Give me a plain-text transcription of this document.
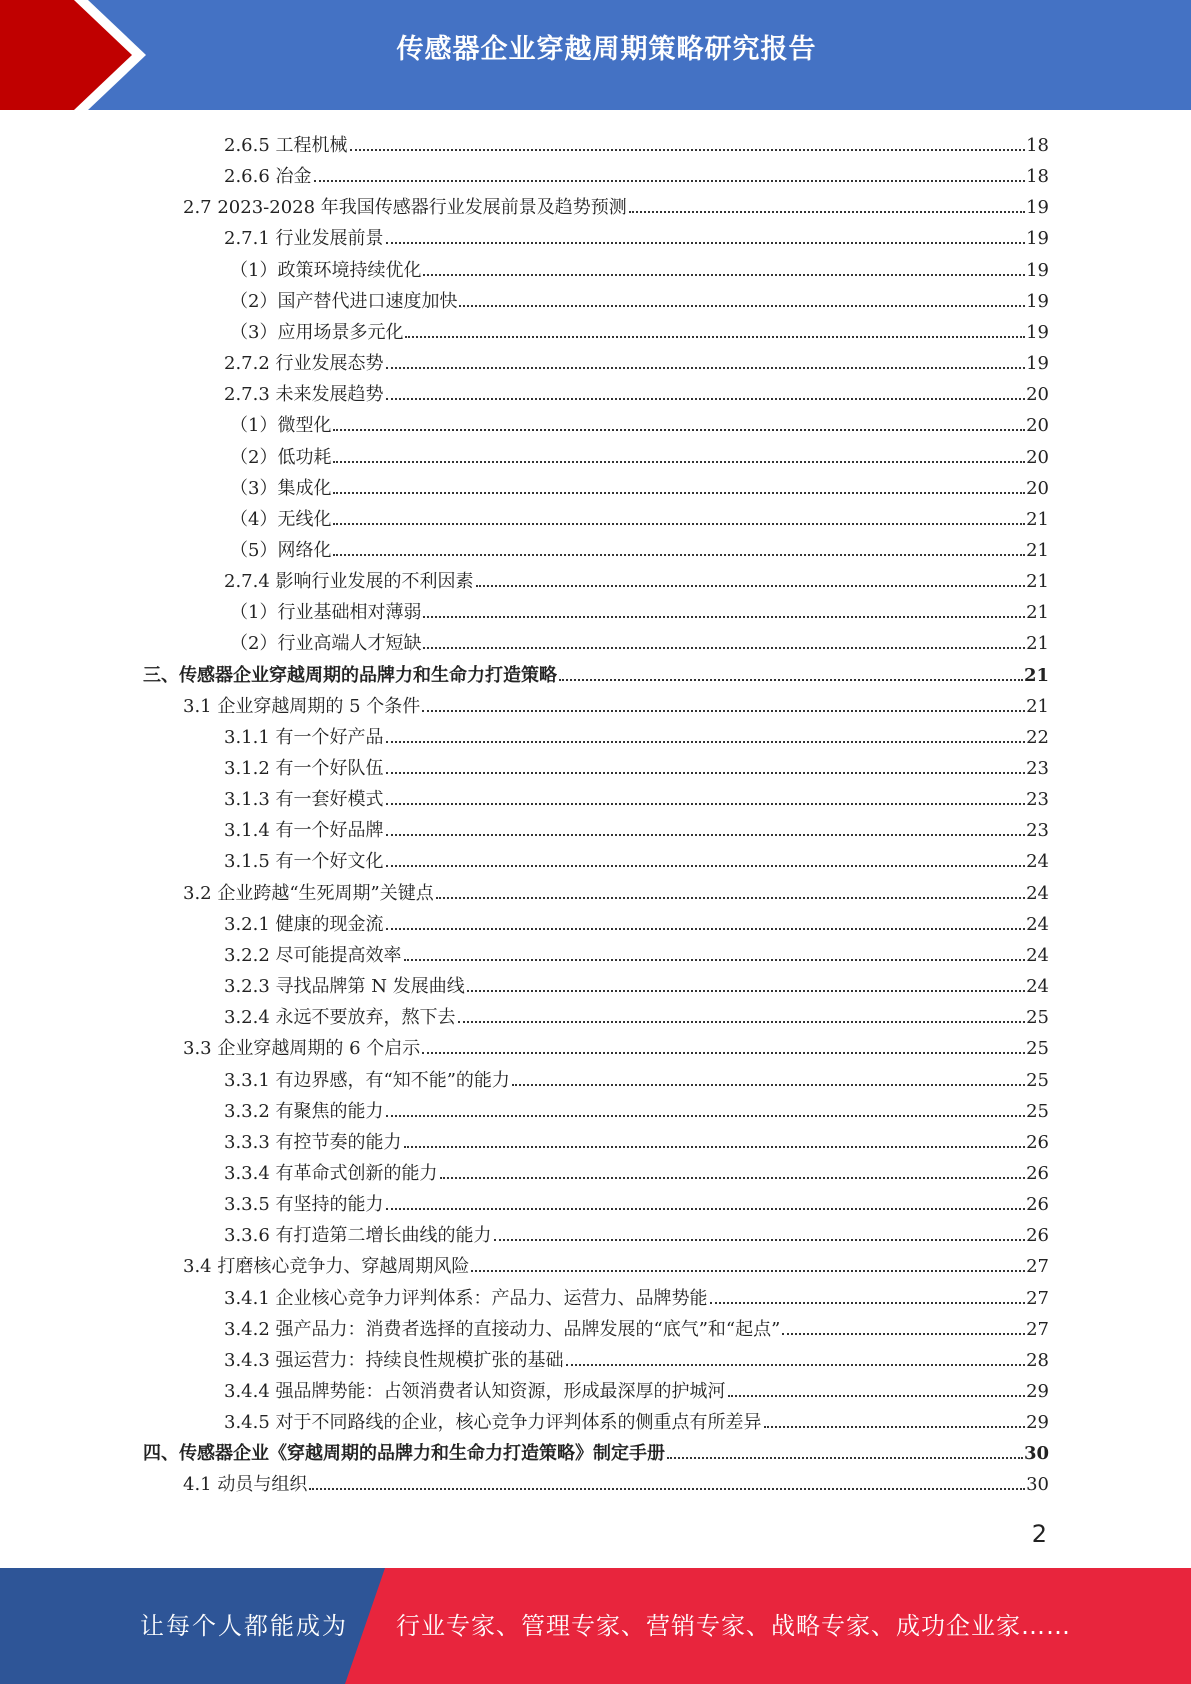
传感器企业穿越周期策略研究报告
2.6.5 工程机械	18
2.6.6 冶金	18
2.7 2023-2028 年我国传感器行业发展前景及趋势预测	19
2.7.1 行业发展前景	19
（1）政策环境持续优化	19
（2）国产替代进口速度加快	19
（3）应用场景多元化	19
2.7.2 行业发展态势	19
2.7.3 未来发展趋势	20
（1）微型化	20
（2）低功耗	20
（3）集成化	20
（4）无线化	21
（5）网络化	21
2.7.4 影响行业发展的不利因素	21
（1）行业基础相对薄弱	21
（2）行业高端人才短缺	21
三、传感器企业穿越周期的品牌力和生命力打造策略	21
3.1 企业穿越周期的 5 个条件	21
3.1.1 有一个好产品	22
3.1.2 有一个好队伍	23
3.1.3 有一套好模式	23
3.1.4 有一个好品牌	23
3.1.5 有一个好文化	24
3.2 企业跨越“生死周期”关键点	24
3.2.1 健康的现金流	24
3.2.2 尽可能提高效率	24
3.2.3 寻找品牌第 N 发展曲线	24
3.2.4 永远不要放弃，熬下去	25
3.3 企业穿越周期的 6 个启示	25
3.3.1 有边界感，有“知不能”的能力	25
3.3.2 有聚焦的能力	25
3.3.3 有控节奏的能力	26
3.3.4 有革命式创新的能力	26
3.3.5 有坚持的能力	26
3.3.6 有打造第二增长曲线的能力	26
3.4 打磨核心竞争力、穿越周期风险	27
3.4.1 企业核心竞争力评判体系：产品力、运营力、品牌势能	27
3.4.2 强产品力：消费者选择的直接动力、品牌发展的“底气”和“起点”	27
3.4.3 强运营力：持续良性规模扩张的基础	28
3.4.4 强品牌势能：占领消费者认知资源，形成最深厚的护城河	29
3.4.5 对于不同路线的企业，核心竞争力评判体系的侧重点有所差异	29
四、传感器企业《穿越周期的品牌力和生命力打造策略》制定手册	30
4.1 动员与组织	30
2
让每个人都能成为 行业专家、管理专家、营销专家、战略专家、成功企业家……
